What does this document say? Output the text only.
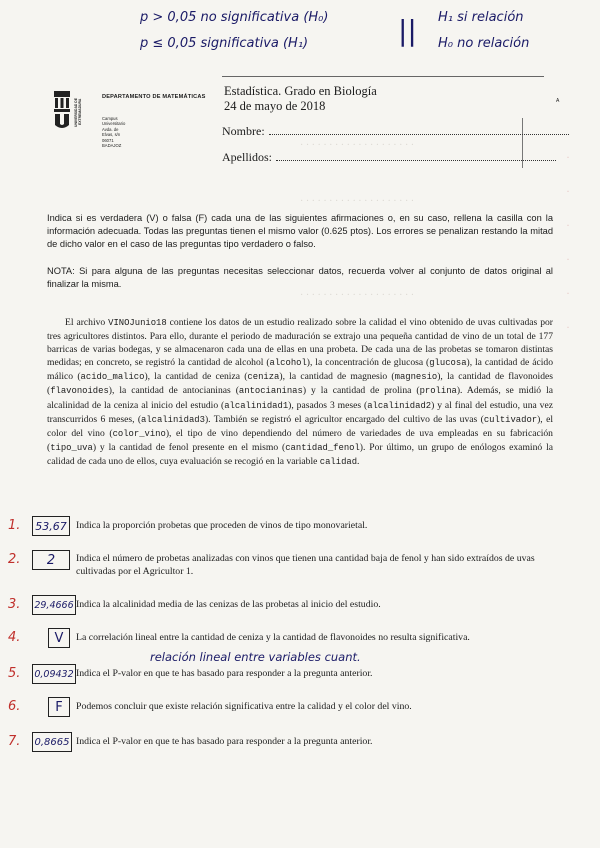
· · · · · · · · · · · · · · · · · · · ·
· · · · · · · · · · · · · · · · · · · ·
· · · · · · · · · · · · · · · · · · · ·
p > 0,05 no significativa (H₀) || H₁ si relación
p ≤ 0,05 significativa (H₁)	H₀ no relación
UNIVERSIDAD DE EXTREMADURA
DEPARTAMENTO DE MATEMÁTICAS
Campus Universitario
Avda. de Elvas, s/n
06071 BADAJOZ
Estadística. Grado en Biología
24 de mayo de 2018	A
Nombre:
Apellidos:
Indica si es verdadera (V) o falsa (F) cada una de las siguientes afirmaciones o, en su caso, rellena la casilla con la información adecuada. Todas las preguntas tienen el mismo valor (0.625 ptos). Los errores se penalizan restando la mitad de dicho valor en el caso de las preguntas tipo verdadero o falso.
NOTA: Si para alguna de las preguntas necesitas seleccionar datos, recuerda volver al conjunto de datos original al finalizar la misma.
El archivo VINOJunio18 contiene los datos de un estudio realizado sobre la calidad el vino obtenido de uvas cultivadas por tres agricultores distintos. Para ello, durante el periodo de maduración se extrajo una pequeña cantidad de vino de un total de 177 barricas de varias bodegas, y se almacenaron cada una de ellas en una probeta. De cada una de las probetas se tomaron distintas medidas; en concreto, se registró la cantidad de alcohol (alcohol), la concentración de glucosa (glucosa), la cantidad de ácido málico (acido_malico), la cantidad de ceniza (ceniza), la cantidad de magnesio (magnesio), la cantidad de flavonoides (flavonoides), la cantidad de antocianinas (antocianinas) y la cantidad de prolina (prolina). Además, se midió la alcalinidad de la ceniza al inicio del estudio (alcalinidad1), pasados 3 meses (alcalinidad2) y al final del estudio, una vez transcurridos 6 meses, (alcalinidad3). También se registró el agricultor encargado del cultivo de las uvas (cultivador), el color del vino (color_vino), el tipo de vino dependiendo del número de variedades de uva empleadas en su fabricación (tipo_uva) y la cantidad de fenol presente en el mismo (cantidad_fenol). Por último, un grupo de enólogos examinó la calidad de cada uno de ellos, cuya evaluación se recogió en la variable calidad.
1. 53,67 Indica la proporción probetas que proceden de vinos de tipo monovarietal.
2. 2 Indica el número de probetas analizadas con vinos que tienen una cantidad baja de fenol y han sido extraídos de uvas cultivadas por el Agricultor 1.
3. 29,4666 Indica la alcalinidad media de las cenizas de las probetas al inicio del estudio.
4.	V La correlación lineal entre la cantidad de ceniza y la cantidad de flavonoides no resulta significativa.
relación lineal entre variables cuant.
5. 0,09432 Indica el P-valor en que te has basado para responder a la pregunta anterior.
6.	F Podemos concluir que existe relación significativa entre la calidad y el color del vino.
7. 0,8665 Indica el P-valor en que te has basado para responder a la pregunta anterior.
·
·
·
·
·
·
